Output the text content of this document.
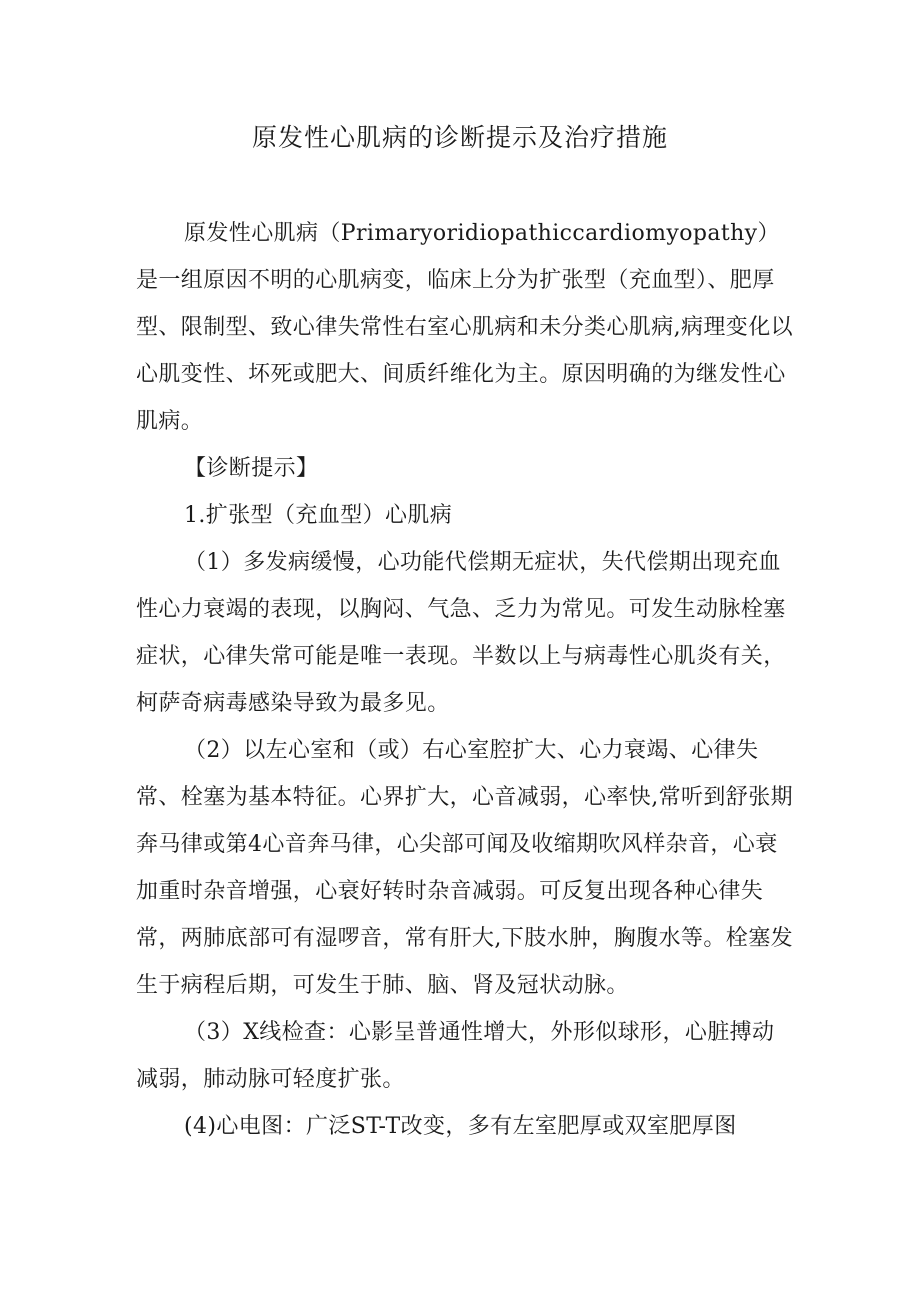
原发性心肌病的诊断提示及治疗措施

原发性心肌病（Primaryoridiopathiccardiomyopathy）是一组原因不明的心肌病变，临床上分为扩张型（充血型）、肥厚型、限制型、致心律失常性右室心肌病和未分类心肌病,病理变化以心肌变性、坏死或肥大、间质纤维化为主。原因明确的为继发性心肌病。

【诊断提示】

1.扩张型（充血型）心肌病

（1）多发病缓慢，心功能代偿期无症状，失代偿期出现充血性心力衰竭的表现，以胸闷、气急、乏力为常见。可发生动脉栓塞症状，心律失常可能是唯一表现。半数以上与病毒性心肌炎有关，柯萨奇病毒感染导致为最多见。

（2）以左心室和（或）右心室腔扩大、心力衰竭、心律失常、栓塞为基本特征。心界扩大，心音减弱，心率快,常听到舒张期奔马律或第4心音奔马律，心尖部可闻及收缩期吹风样杂音，心衰加重时杂音增强，心衰好转时杂音减弱。可反复出现各种心律失常，两肺底部可有湿啰音，常有肝大,下肢水肿，胸腹水等。栓塞发生于病程后期，可发生于肺、脑、肾及冠状动脉。

（3）X线检查：心影呈普通性增大，外形似球形，心脏搏动减弱，肺动脉可轻度扩张。

(4)心电图：广泛ST-T改变，多有左室肥厚或双室肥厚图
